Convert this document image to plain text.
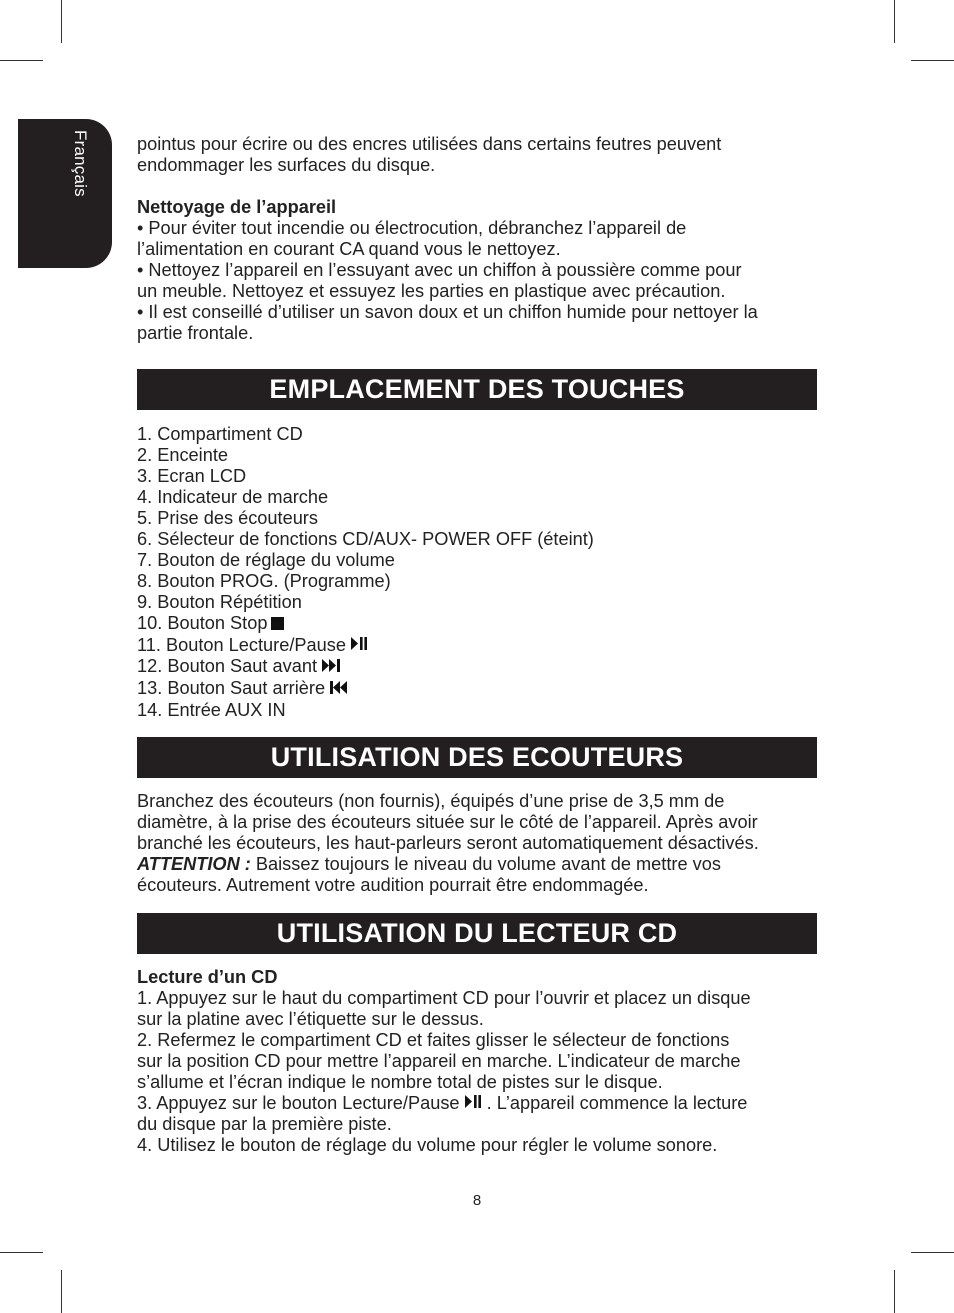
Français	pointus pour écrire ou des encres utilisées dans certains feutres peuvent

endommager les surfaces du disque.

Nettoyage de l’appareil

• Pour éviter tout incendie ou électrocution, débranchez l’appareil de

l’alimentation en courant CA quand vous le nettoyez.

• Nettoyez l’appareil en l’essuyant avec un chiffon à poussière comme pour

un meuble. Nettoyez et essuyez les parties en plastique avec précaution.

• Il est conseillé d’utiliser un savon doux et un chiffon humide pour nettoyer la

partie frontale.

EMPLACEMENT DES TOUCHES
1. Compartiment CD
2. Enceinte
3. Ecran LCD
4. Indicateur de marche
5. Prise des écouteurs
6. Sélecteur de fonctions CD/AUX- POWER OFF (éteint)
7. Bouton de réglage du volume
8. Bouton PROG. (Programme)
9. Bouton Répétition
10. Bouton Stop
11. Bouton Lecture/Pause
12. Bouton Saut avant
13. Bouton Saut arrière
14. Entrée AUX IN
UTILISATION DES ECOUTEURS

Branchez des écouteurs (non fournis), équipés d’une prise de 3,5 mm de

diamètre, à la prise des écouteurs située sur le côté de l’appareil. Après avoir

branché les écouteurs, les haut-parleurs seront automatiquement désactivés.

ATTENTION : Baissez toujours le niveau du volume avant de mettre vos

écouteurs. Autrement votre audition pourrait être endommagée.

UTILISATION DU LECTEUR CD

Lecture d’un CD

1. Appuyez sur le haut du compartiment CD pour l’ouvrir et placez un disque

sur la platine avec l’étiquette sur le dessus.

2. Refermez le compartiment CD et faites glisser le sélecteur de fonctions

sur la position CD pour mettre l’appareil en marche. L’indicateur de marche

s’allume et l’écran indique le nombre total de pistes sur le disque.

3. Appuyez sur le bouton Lecture/Pause . L’appareil commence la lecture

du disque par la première piste.

4. Utilisez le bouton de réglage du volume pour régler le volume sonore.

8
